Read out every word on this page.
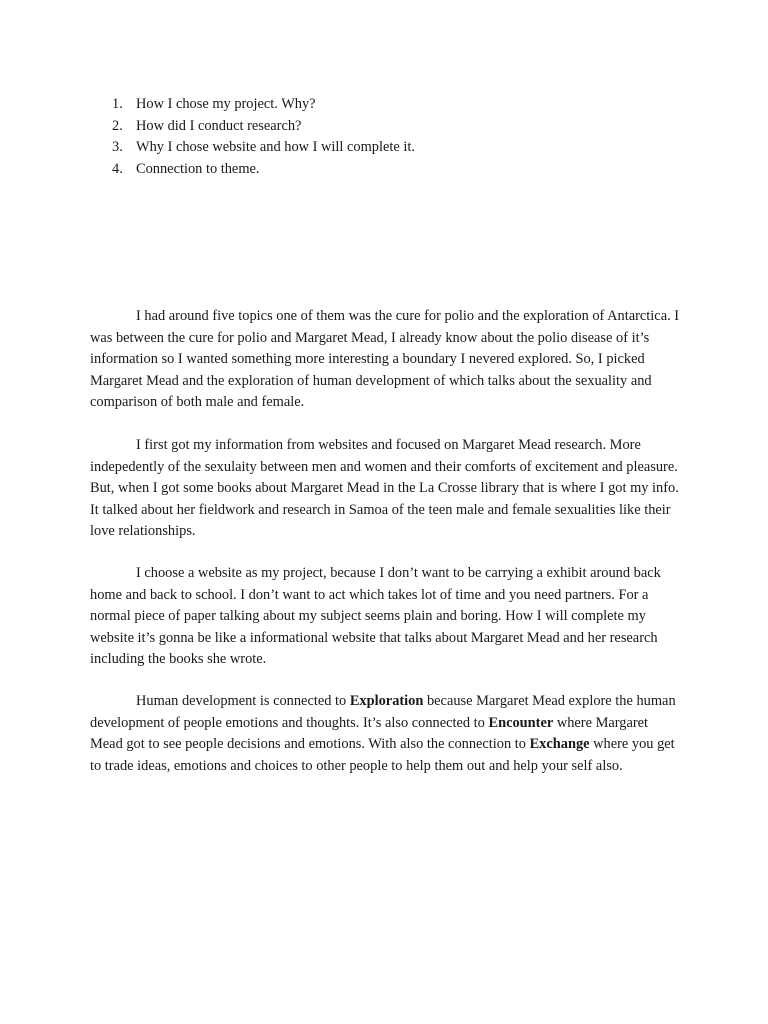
1. How I chose my project. Why?
2. How did I conduct research?
3. Why I chose website and how I will complete it.
4. Connection to theme.

I had around five topics one of them was the cure for polio and the exploration of Antarctica. I was between the cure for polio and Margaret Mead, I already know about the polio disease of it’s information so I wanted something more interesting a boundary I nevered explored. So, I picked Margaret Mead and the exploration of human development of which talks about the sexuality and comparison of both male and female.

I first got my information from websites and focused on Margaret Mead research. More indepedently of the sexulaity between men and women and their comforts of excitement and pleasure. But, when I got some books about Margaret Mead in the La Crosse library that is where I got my info. It talked about her fieldwork and research in Samoa of the teen male and female sexualities like their love relationships.

I choose a website as my project, because I don’t want to be carrying a exhibit around back home and back to school. I don’t want to act which takes lot of time and you need partners. For a normal piece of paper talking about my subject seems plain and boring. How I will complete my website it’s gonna be like a informational website that talks about Margaret Mead and her research including the books she wrote.

Human development is connected to Exploration because Margaret Mead explore the human development of people emotions and thoughts. It’s also connected to Encounter where Margaret Mead got to see people decisions and emotions. With also the connection to Exchange where you get to trade ideas, emotions and choices to other people to help them out and help your self also.
